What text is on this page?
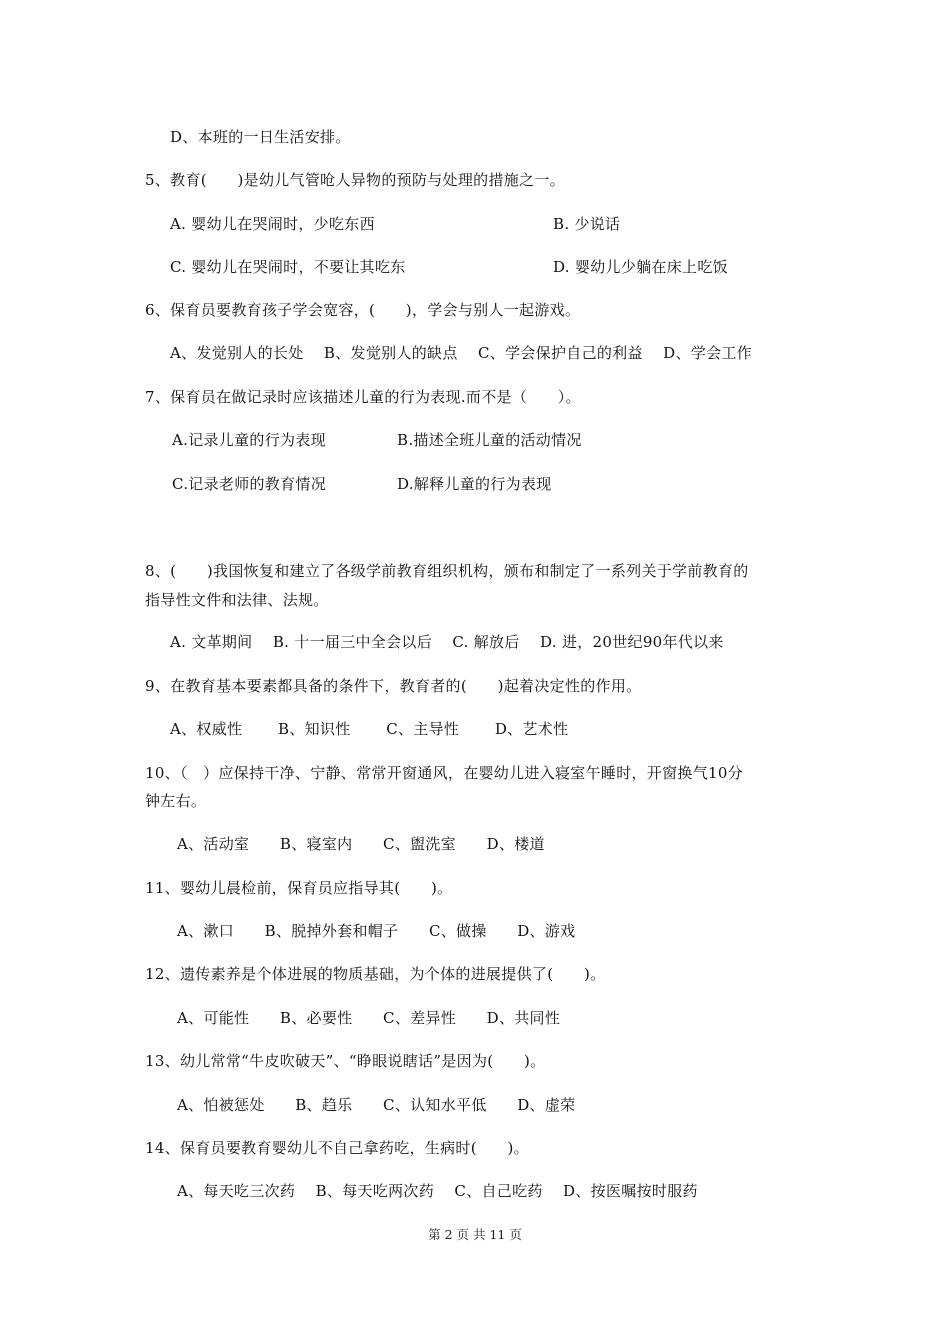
D、本班的一日生活安排。
5、教育(　　)是幼儿气管呛人异物的预防与处理的措施之一。
A. 婴幼儿在哭闹时，少吃东西	B. 少说话
C. 婴幼儿在哭闹时，不要让其吃东	D. 婴幼儿少躺在床上吃饭
6、保育员要教育孩子学会宽容，(　　)，学会与别人一起游戏。
A、发觉别人的长处　 B、发觉别人的缺点　 C、学会保护自己的利益　 D、学会工作
7、保育员在做记录时应该描述儿童的行为表现.而不是（　　）。
A.记录儿童的行为表现	B.描述全班儿童的活动情况
C.记录老师的教育情况	D.解释儿童的行为表现
8、(　　)我国恢复和建立了各级学前教育组织机构，颁布和制定了一系列关于学前教育的
指导性文件和法律、法规。
A. 文革期间　 B. 十一届三中全会以后　 C. 解放后　 D. 进，20世纪90年代以来
9、在教育基本要素都具备的条件下，教育者的(　　)起着决定性的作用。
A、权威性　　 B、知识性　　 C、主导性　　 D、艺术性
10、（　）应保持干净、宁静、常常开窗通风，在婴幼儿进入寝室午睡时，开窗换气10分
钟左右。
A、活动室　　B、寝室内　　C、盥洗室　　D、楼道
11、婴幼儿晨检前，保育员应指导其(　　)。
A、漱口　　B、脱掉外套和帽子　　C、做操　　D、游戏
12、遗传素养是个体进展的物质基础，为个体的进展提供了(　　)。
A、可能性　　B、必要性　　C、差异性　　D、共同性
13、幼儿常常“牛皮吹破天”、“睁眼说瞎话”是因为(　　)。
A、怕被惩处　　B、趋乐　　C、认知水平低　　D、虚荣
14、保育员要教育婴幼儿不自己拿药吃，生病时(　　)。
A、每天吃三次药　 B、每天吃两次药　 C、自己吃药　 D、按医嘱按时服药
第 2 页 共 11 页
